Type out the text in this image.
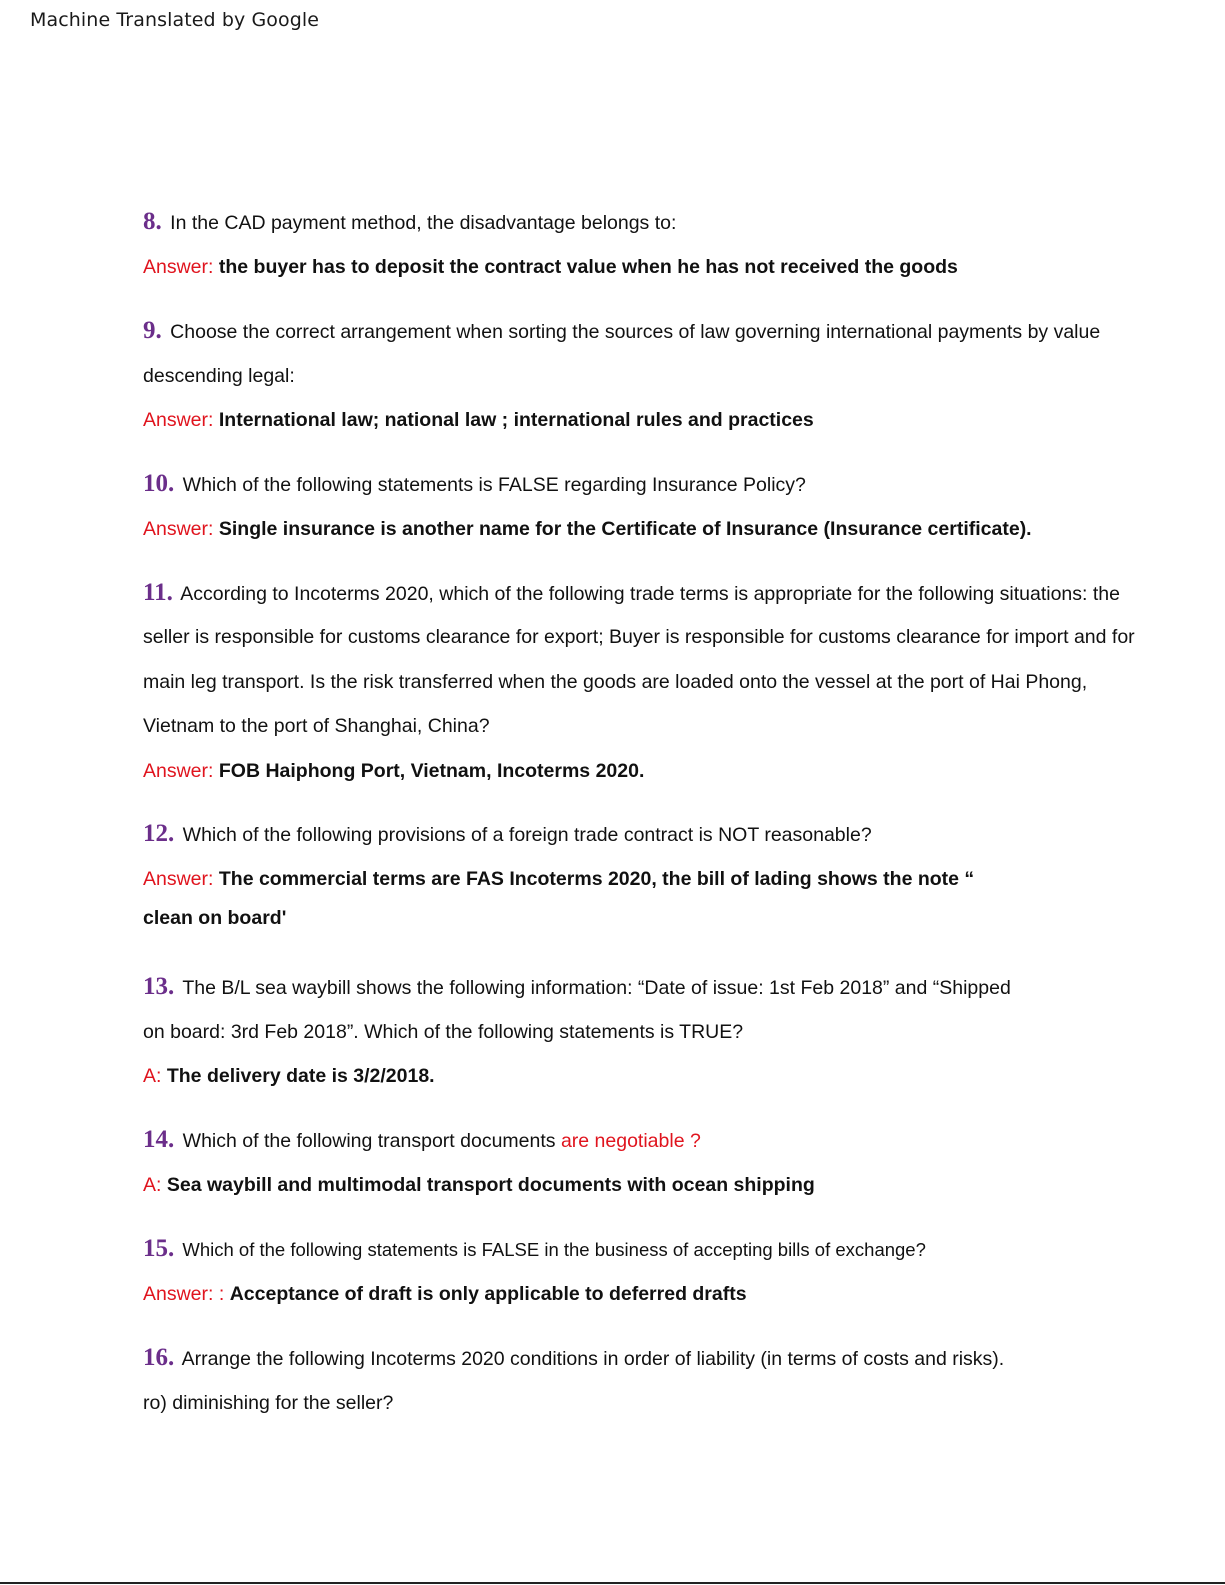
Machine Translated by Google
8. In the CAD payment method, the disadvantage belongs to:
Answer: the buyer has to deposit the contract value when he has not received the goods
9. Choose the correct arrangement when sorting the sources of law governing international payments by value
descending legal:
Answer: International law; national law ; international rules and practices
10. Which of the following statements is FALSE regarding Insurance Policy?
Answer: Single insurance is another name for the Certificate of Insurance (Insurance certificate).
11. According to Incoterms 2020, which of the following trade terms is appropriate for the following situations: the
seller is responsible for customs clearance for export; Buyer is responsible for customs clearance for import and for
main leg transport. Is the risk transferred when the goods are loaded onto the vessel at the port of Hai Phong,
Vietnam to the port of Shanghai, China?
Answer: FOB Haiphong Port, Vietnam, Incoterms 2020.
12. Which of the following provisions of a foreign trade contract is NOT reasonable?
Answer: The commercial terms are FAS Incoterms 2020, the bill of lading shows the note “
clean on board'
13. The B/L sea waybill shows the following information: “Date of issue: 1st Feb 2018” and “Shipped
on board: 3rd Feb 2018”. Which of the following statements is TRUE?
A: The delivery date is 3/2/2018.
14. Which of the following transport documents are negotiable ?
A: Sea waybill and multimodal transport documents with ocean shipping
15. Which of the following statements is FALSE in the business of accepting bills of exchange?
Answer: : Acceptance of draft is only applicable to deferred drafts
16. Arrange the following Incoterms 2020 conditions in order of liability (in terms of costs and risks).
ro) diminishing for the seller?
